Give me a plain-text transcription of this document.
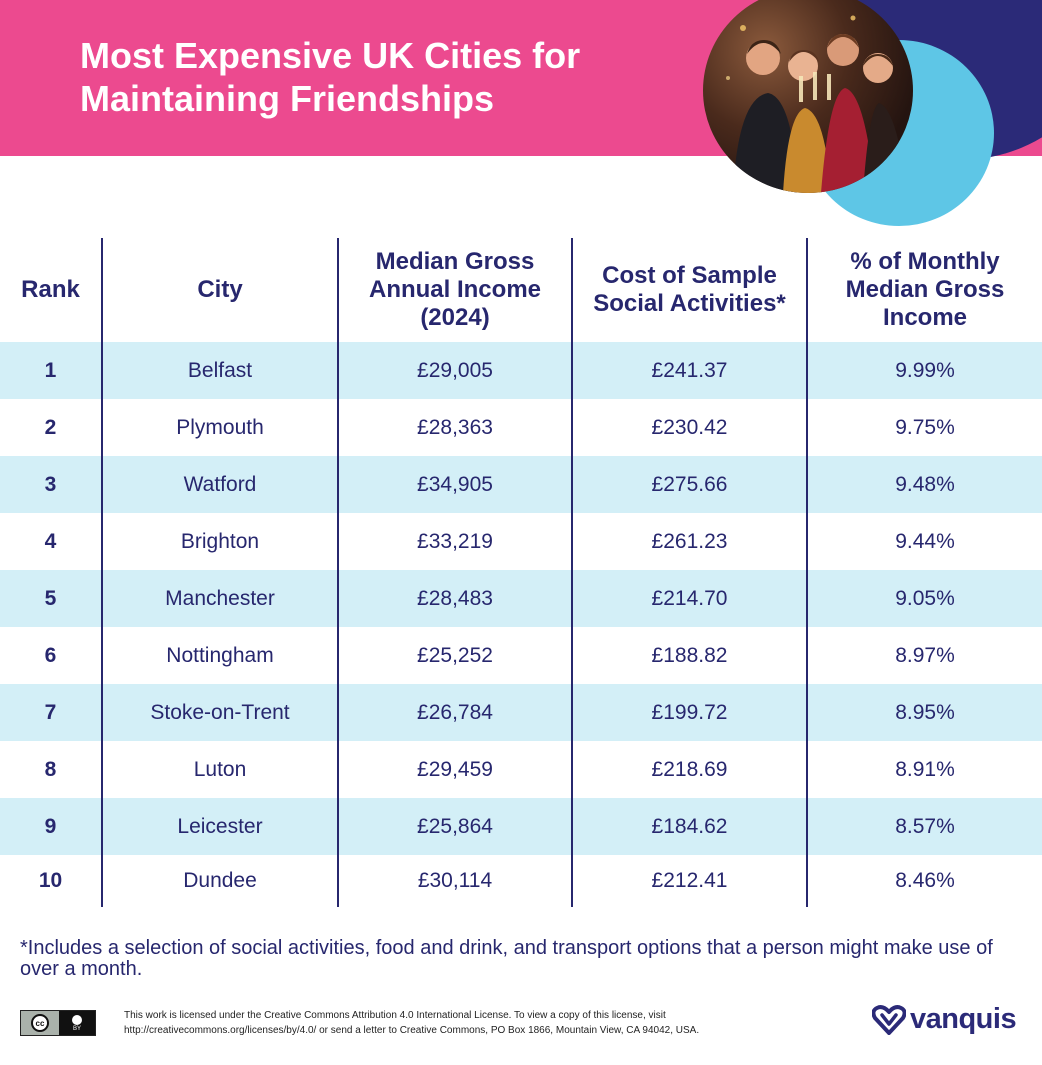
Most Expensive UK Cities for
Maintaining Friendships
Rank	City	Median Gross Annual Income (2024)	Cost of Sample Social Activities*	% of Monthly Median Gross Income
1	Belfast	£29,005	£241.37	9.99%
2	Plymouth	£28,363	£230.42	9.75%
3	Watford	£34,905	£275.66	9.48%
4	Brighton	£33,219	£261.23	9.44%
5	Manchester	£28,483	£214.70	9.05%
6	Nottingham	£25,252	£188.82	8.97%
7	Stoke-on-Trent	£26,784	£199.72	8.95%
8	Luton	£29,459	£218.69	8.91%
9	Leicester	£25,864	£184.62	8.57%
10	Dundee	£30,114	£212.41	8.46%
*Includes a selection of social activities, food and drink, and transport options that a person might make use of over a month.
cc
BY
This work is licensed under the Creative Commons Attribution 4.0 International License. To view a copy of this license, visit http://creativecommons.org/licenses/by/4.0/ or send a letter to Creative Commons, PO Box 1866, Mountain View, CA 94042, USA.	vanquis
